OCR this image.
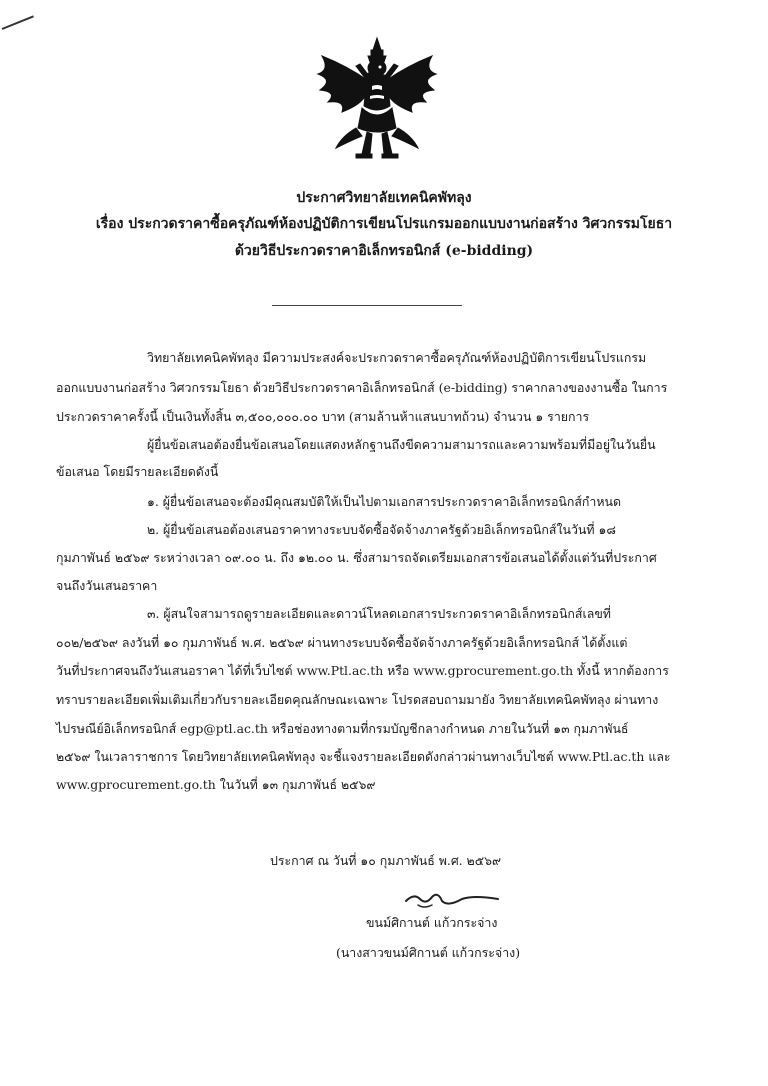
ประกาศวิทยาลัยเทคนิคพัทลุง
เรื่อง ประกวดราคาซื้อครุภัณฑ์ห้องปฏิบัติการเขียนโปรแกรมออกแบบงานก่อสร้าง วิศวกรรมโยธา
ด้วยวิธีประกวดราคาอิเล็กทรอนิกส์ (e-bidding)
วิทยาลัยเทคนิคพัทลุง มีความประสงค์จะประกวดราคาซื้อครุภัณฑ์ห้องปฏิบัติการเขียนโปรแกรม
ออกแบบงานก่อสร้าง วิศวกรรมโยธา ด้วยวิธีประกวดราคาอิเล็กทรอนิกส์ (e-bidding) ราคากลางของงานซื้อ ในการ
ประกวดราคาครั้งนี้ เป็นเงินทั้งสิ้น ๓,๕๐๐,๐๐๐.๐๐ บาท (สามล้านห้าแสนบาทถ้วน) จำนวน ๑ รายการ
ผู้ยื่นข้อเสนอต้องยื่นข้อเสนอโดยแสดงหลักฐานถึงขีดความสามารถและความพร้อมที่มีอยู่ในวันยื่น
ข้อเสนอ โดยมีรายละเอียดดังนี้
๑. ผู้ยื่นข้อเสนอจะต้องมีคุณสมบัติให้เป็นไปตามเอกสารประกวดราคาอิเล็กทรอนิกส์กำหนด
๒. ผู้ยื่นข้อเสนอต้องเสนอราคาทางระบบจัดซื้อจัดจ้างภาครัฐด้วยอิเล็กทรอนิกส์ในวันที่ ๑๘
กุมภาพันธ์ ๒๕๖๙ ระหว่างเวลา ๐๙.๐๐ น. ถึง ๑๒.๐๐ น. ซึ่งสามารถจัดเตรียมเอกสารข้อเสนอได้ตั้งแต่วันที่ประกาศ
จนถึงวันเสนอราคา
๓. ผู้สนใจสามารถดูรายละเอียดและดาวน์โหลดเอกสารประกวดราคาอิเล็กทรอนิกส์เลขที่
๐๐๒/๒๕๖๙ ลงวันที่ ๑๐ กุมภาพันธ์ พ.ศ. ๒๕๖๙ ผ่านทางระบบจัดซื้อจัดจ้างภาครัฐด้วยอิเล็กทรอนิกส์ ได้ตั้งแต่
วันที่ประกาศจนถึงวันเสนอราคา ได้ที่เว็บไซต์ www.Ptl.ac.th หรือ www.gprocurement.go.th ทั้งนี้ หากต้องการ
ทราบรายละเอียดเพิ่มเติมเกี่ยวกับรายละเอียดคุณลักษณะเฉพาะ โปรดสอบถามมายัง วิทยาลัยเทคนิคพัทลุง ผ่านทาง
ไปรษณีย์อิเล็กทรอนิกส์ egp@ptl.ac.th หรือช่องทางตามที่กรมบัญชีกลางกำหนด ภายในวันที่ ๑๓ กุมภาพันธ์
๒๕๖๙ ในเวลาราชการ โดยวิทยาลัยเทคนิคพัทลุง จะชี้แจงรายละเอียดดังกล่าวผ่านทางเว็บไซต์ www.Ptl.ac.th และ
www.gprocurement.go.th ในวันที่ ๑๓ กุมภาพันธ์ ๒๕๖๙
ประกาศ ณ วันที่ ๑๐ กุมภาพันธ์ พ.ศ. ๒๕๖๙
ขนม์ศิกานต์ แก้วกระจ่าง
(นางสาวขนม์ศิกานต์ แก้วกระจ่าง)
